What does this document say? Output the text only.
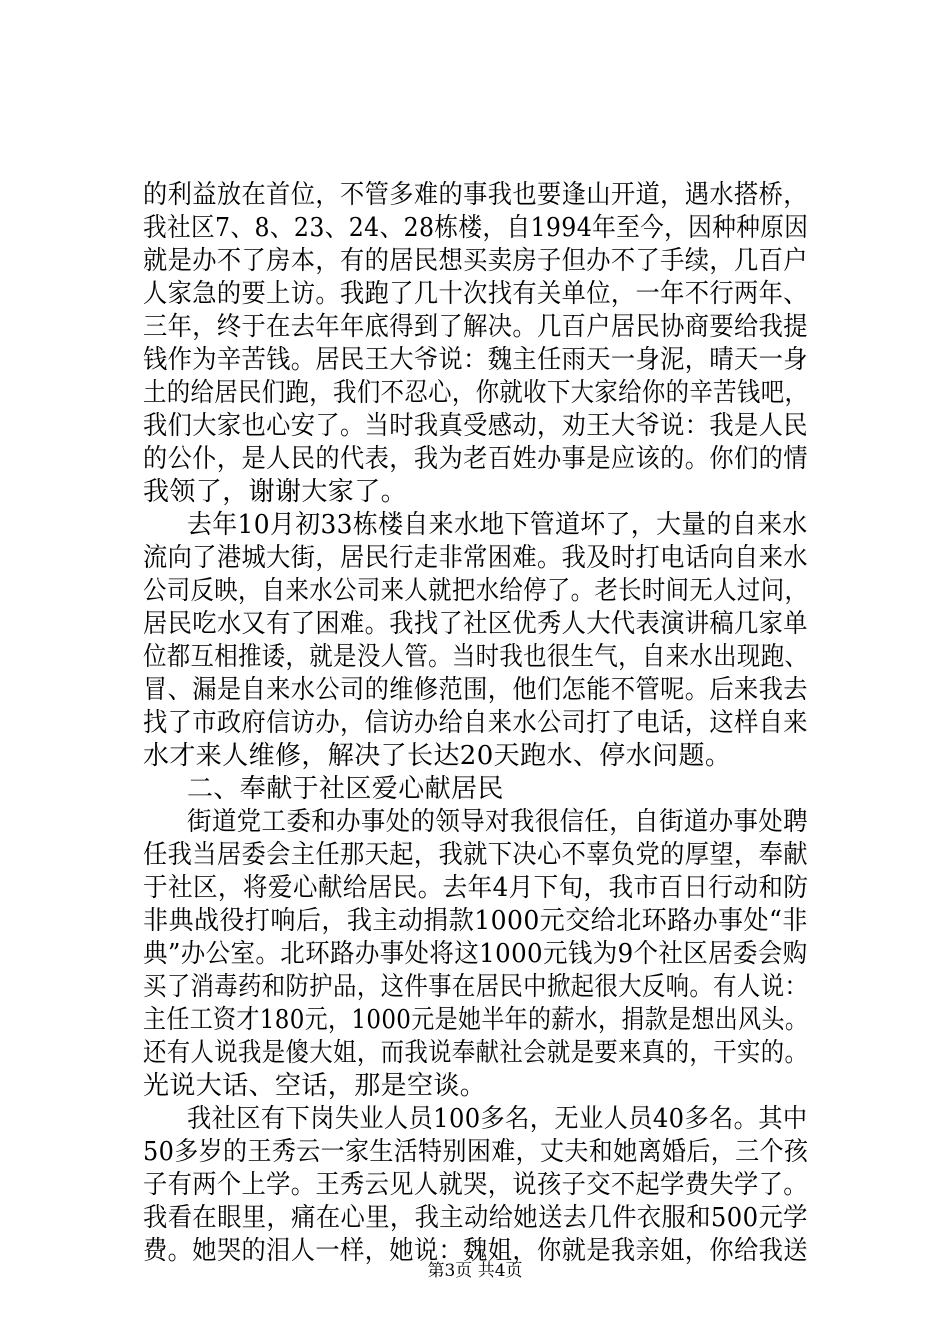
的利益放在首位，不管多难的事我也要逢山开道，遇水搭桥，
我社区7、8、23、24、28栋楼，自1994年至今，因种种原因
就是办不了房本，有的居民想买卖房子但办不了手续，几百户
人家急的要上访。我跑了几十次找有关单位，一年不行两年、
三年，终于在去年年底得到了解决。几百户居民协商要给我提
钱作为辛苦钱。居民王大爷说：魏主任雨天一身泥，晴天一身
土的给居民们跑，我们不忍心，你就收下大家给你的辛苦钱吧，
我们大家也心安了。当时我真受感动，劝王大爷说：我是人民
的公仆，是人民的代表，我为老百姓办事是应该的。你们的情
我领了，谢谢大家了。
去年10月初33栋楼自来水地下管道坏了，大量的自来水
流向了港城大街，居民行走非常困难。我及时打电话向自来水
公司反映，自来水公司来人就把水给停了。老长时间无人过问，
居民吃水又有了困难。我找了社区优秀人大代表演讲稿几家单
位都互相推诿，就是没人管。当时我也很生气，自来水出现跑、
冒、漏是自来水公司的维修范围，他们怎能不管呢。后来我去
找了市政府信访办，信访办给自来水公司打了电话，这样自来
水才来人维修，解决了长达20天跑水、停水问题。
二、奉献于社区爱心献居民
街道党工委和办事处的领导对我很信任，自街道办事处聘
任我当居委会主任那天起，我就下决心不辜负党的厚望，奉献
于社区，将爱心献给居民。去年4月下旬，我市百日行动和防
非典战役打响后，我主动捐款1000元交给北环路办事处“非
典”办公室。北环路办事处将这1000元钱为9个社区居委会购
买了消毒药和防护品，这件事在居民中掀起很大反响。有人说：
主任工资才180元，1000元是她半年的薪水，捐款是想出风头。
还有人说我是傻大姐，而我说奉献社会就是要来真的，干实的。
光说大话、空话，那是空谈。
我社区有下岗失业人员100多名，无业人员40多名。其中
50多岁的王秀云一家生活特别困难，丈夫和她离婚后，三个孩
子有两个上学。王秀云见人就哭，说孩子交不起学费失学了。
我看在眼里，痛在心里，我主动给她送去几件衣服和500元学
费。她哭的泪人一样，她说：魏姐，你就是我亲姐，你给我送
第3页 共4页
